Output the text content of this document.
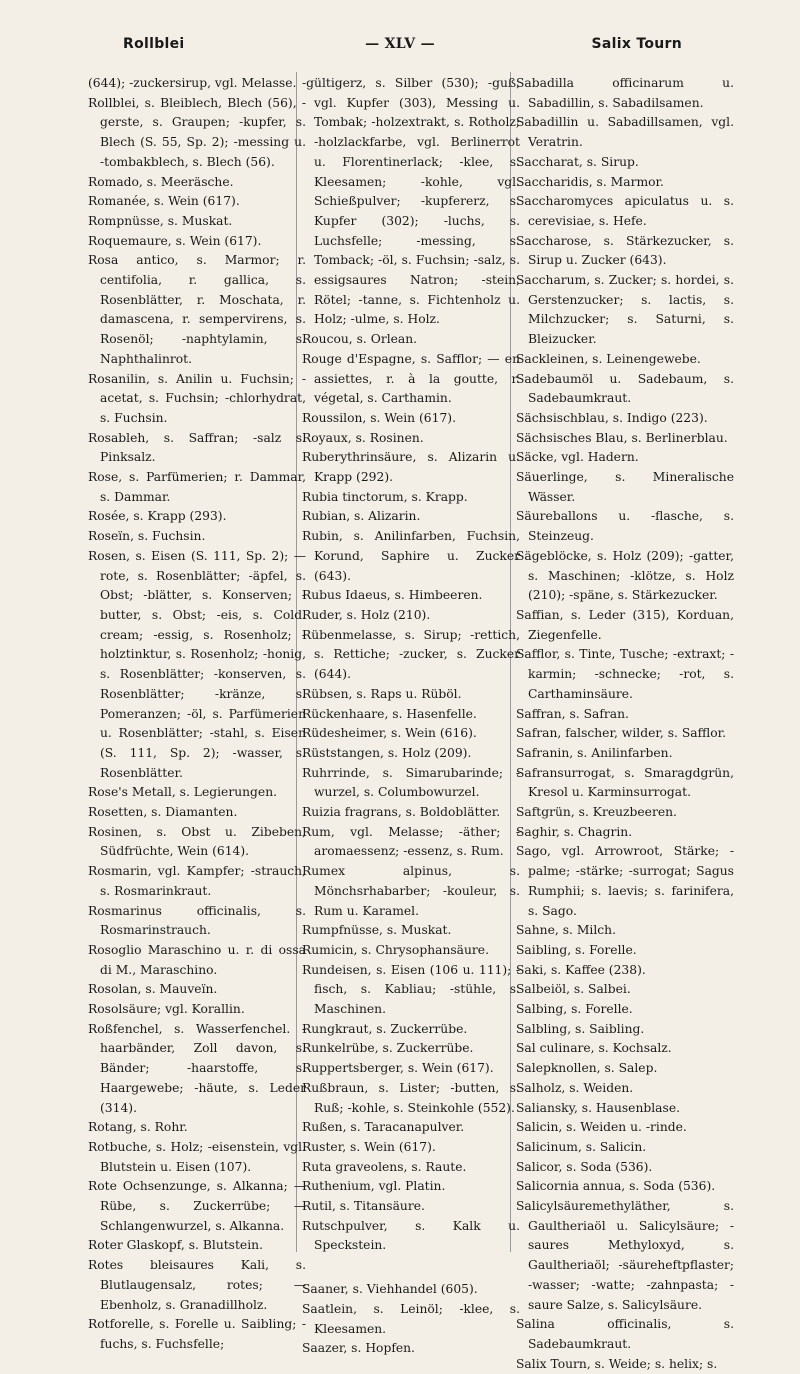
Rollblei	— XLV —	Salix Tourn

(644); -zuckersirup, vgl. Melasse.

Rollblei, s. Bleiblech, Blech (56), -gerste, s. Graupen; -kupfer, s. Blech (S. 55, Sp. 2); -messing u. -tombakblech, s. Blech (56).

Romado, s. Meeräsche.

Romanée, s. Wein (617).

Rompnüsse, s. Muskat.

Roquemaure, s. Wein (617).

Rosa antico, s. Marmor; r. centifolia, r. gallica, s. Rosenblätter, r. Moschata, r. damascena, r. sempervirens, s. Rosenöl; -naphtylamin, s. Naphthalinrot.

Rosanilin, s. Anilin u. Fuchsin; -acetat, s. Fuchsin; -chlorhydrat, s. Fuchsin.

Rosableh, s. Saffran; -salz s. Pinksalz.

Rose, s. Parfümerien; r. Dammar, s. Dammar.

Rosée, s. Krapp (293).

Roseïn, s. Fuchsin.

Rosen, s. Eisen (S. 111, Sp. 2); — rote, s. Rosenblätter; -äpfel, s. Obst; -blätter, s. Konserven; -butter, s. Obst; -eis, s. Cold. cream; -essig, s. Rosenholz; -holztinktur, s. Rosenholz; -honig, s. Rosenblätter; -konserven, s. Rosenblätter; -kränze, s. Pomeranzen; -öl, s. Parfümerien u. Rosenblätter; -stahl, s. Eisen (S. 111, Sp. 2); -wasser, s. Rosenblätter.

Rose's Metall, s. Legierungen.

Rosetten, s. Diamanten.

Rosinen, s. Obst u. Zibeben, Südfrüchte, Wein (614).

Rosmarin, vgl. Kampfer; -strauch, s. Rosmarinkraut.

Rosmarinus officinalis, s. Rosmarinstrauch.

Rosoglio Maraschino u. r. di ossa di M., Maraschino.

Rosolan, s. Mauveïn.

Rosolsäure; vgl. Korallin.

Roßfenchel, s. Wasserfenchel. -haarbänder, Zoll davon, s. Bänder; -haarstoffe, s. Haargewebe; -häute, s. Leder (314).

Rotang, s. Rohr.

Rotbuche, s. Holz; -eisenstein, vgl. Blutstein u. Eisen (107).

Rote Ochsenzunge, s. Alkanna; — Rübe, s. Zuckerrübe; — Schlangenwurzel, s. Alkanna.

Roter Glaskopf, s. Blutstein.

Rotes bleisaures Kali, s. Blutlaugensalz, rotes; — Ebenholz, s. Granadillholz.

Rotforelle, s. Forelle u. Saibling; -fuchs, s. Fuchsfelle;

-gültigerz, s. Silber (530); -guß, vgl. Kupfer (303), Messing u. Tombak; -holzextrakt, s. Rotholz; -holzlackfarbe, vgl. Berlinerrot u. Florentinerlack; -klee, s. Kleesamen; -kohle, vgl. Schießpulver; -kupfererz, s. Kupfer (302); -luchs, s. Luchsfelle; -messing, s. Tomback; -öl, s. Fuchsin; -salz, s. essigsaures Natron; -stein, Rötel; -tanne, s. Fichtenholz u. Holz; -ulme, s. Holz.

Roucou, s. Orlean.

Rouge d'Espagne, s. Safflor; — en assiettes, r. à la goutte, r. végetal, s. Carthamin.

Roussilon, s. Wein (617).

Royaux, s. Rosinen.

Ruberythrinsäure, s. Alizarin u. Krapp (292).

Rubia tinctorum, s. Krapp.

Rubian, s. Alizarin.

Rubin, s. Anilinfarben, Fuchsin, Korund, Saphire u. Zucker (643).

Rubus Idaeus, s. Himbeeren.

Ruder, s. Holz (210).

Rübenmelasse, s. Sirup; -rettich, s. Rettiche; -zucker, s. Zucker (644).

Rübsen, s. Raps u. Rüböl.

Rückenhaare, s. Hasenfelle.

Rüdesheimer, s. Wein (616).

Rüststangen, s. Holz (209).

Ruhrrinde, s. Simarubarinde; -wurzel, s. Columbowurzel.

Ruizia fragrans, s. Boldoblätter.

Rum, vgl. Melasse; -äther; -aromaessenz; -essenz, s. Rum.

Rumex alpinus, s. Mönchsrhabarber; -kouleur, s. Rum u. Karamel.

Rumpfnüsse, s. Muskat.

Rumicin, s. Chrysophansäure.

Rundeisen, s. Eisen (106 u. 111); -fisch, s. Kabliau; -stühle, s. Maschinen.

Rungkraut, s. Zuckerrübe.

Runkelrübe, s. Zuckerrübe.

Ruppertsberger, s. Wein (617).

Rußbraun, s. Lister; -butten, s. Ruß; -kohle, s. Steinkohle (552).

Rußen, s. Taracanapulver.

Ruster, s. Wein (617).

Ruta graveolens, s. Raute.

Ruthenium, vgl. Platin.

Rutil, s. Titansäure.

Rutschpulver, s. Kalk u. Speckstein.

Saaner, s. Viehhandel (605).

Saatlein, s. Leinöl; -klee, s. Kleesamen.

Saazer, s. Hopfen.

Sabadilla officinarum u. Sabadillin, s. Sabadilsamen.

Sabadillin u. Sabadillsamen, vgl. Veratrin.

Saccharat, s. Sirup.

Saccharidis, s. Marmor.

Saccharomyces apiculatus u. s. cerevisiae, s. Hefe.

Saccharose, s. Stärkezucker, s. Sirup u. Zucker (643).

Saccharum, s. Zucker; s. hordei, s. Gerstenzucker; s. lactis, s. Milchzucker; s. Saturni, s. Bleizucker.

Sackleinen, s. Leinengewebe.

Sadebaumöl u. Sadebaum, s. Sadebaumkraut.

Sächsischblau, s. Indigo (223).

Sächsisches Blau, s. Berlinerblau.

Säcke, vgl. Hadern.

Säuerlinge, s. Mineralische Wässer.

Säureballons u. -flasche, s. Steinzeug.

Sägeblöcke, s. Holz (209); -gatter, s. Maschinen; -klötze, s. Holz (210); -späne, s. Stärkezucker.

Saffian, s. Leder (315), Korduan, Ziegenfelle.

Safflor, s. Tinte, Tusche; -extraxt; -karmin; -schnecke; -rot, s. Carthaminsäure.

Saffran, s. Safran.

Safran, falscher, wilder, s. Safflor.

Safranin, s. Anilinfarben.

Safransurrogat, s. Smaragdgrün, Kresol u. Karminsurrogat.

Saftgrün, s. Kreuzbeeren.

Saghir, s. Chagrin.

Sago, vgl. Arrowroot, Stärke; -palme; -stärke; -surrogat; Sagus Rumphii; s. laevis; s. farinifera, s. Sago.

Sahne, s. Milch.

Saibling, s. Forelle.

Saki, s. Kaffee (238).

Salbeiöl, s. Salbei.

Salbing, s. Forelle.

Salbling, s. Saibling.

Sal culinare, s. Kochsalz.

Salepknollen, s. Salep.

Salholz, s. Weiden.

Saliansky, s. Hausenblase.

Salicin, s. Weiden u. -rinde.

Salicinum, s. Salicin.

Salicor, s. Soda (536).

Salicornia annua, s. Soda (536).

Salicylsäuremethyläther, s. Gaultheriaöl u. Salicylsäure; -saures Methyloxyd, s. Gaultheriaöl; -säureheftpflaster; -wasser; -watte; -zahnpasta; -saure Salze, s. Salicylsäure.

Salina officinalis, s. Sadebaumkraut.

Salix Tourn, s. Weide; s. helix; s.
